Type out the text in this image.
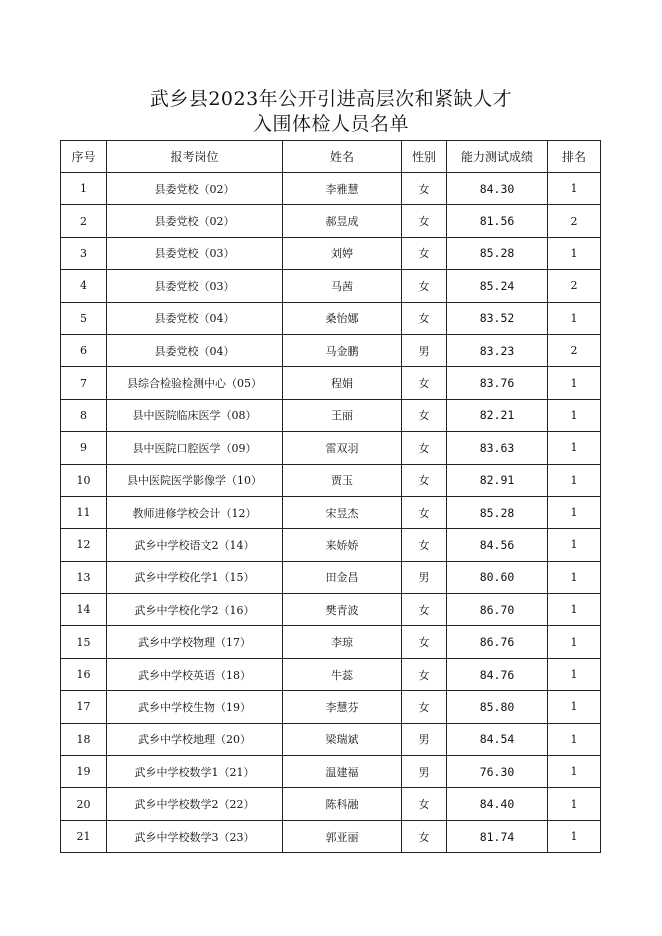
武乡县2023年公开引进高层次和紧缺人才
入围体检人员名单
序号	报考岗位	姓名	性别	能力测试成绩	排名
1	县委党校（02）	李雅慧	女	84.30	1
2	县委党校（02）	郝昱成	女	81.56	2
3	县委党校（03）	刘婷	女	85.28	1
4	县委党校（03）	马茜	女	85.24	2
5	县委党校（04）	桑怡娜	女	83.52	1
6	县委党校（04）	马金鹏	男	83.23	2
7	县综合检验检测中心（05）	程娟	女	83.76	1
8	县中医院临床医学（08）	王丽	女	82.21	1
9	县中医院口腔医学（09）	雷双羽	女	83.63	1
10	县中医院医学影像学（10）	贾玉	女	82.91	1
11	教师进修学校会计（12）	宋昱杰	女	85.28	1
12	武乡中学校语文2（14）	来娇娇	女	84.56	1
13	武乡中学校化学1（15）	田金昌	男	80.60	1
14	武乡中学校化学2（16）	樊青波	女	86.70	1
15	武乡中学校物理（17）	李琼	女	86.76	1
16	武乡中学校英语（18）	牛蕊	女	84.76	1
17	武乡中学校生物（19）	李慧芬	女	85.80	1
18	武乡中学校地理（20）	梁瑞斌	男	84.54	1
19	武乡中学校数学1（21）	温建福	男	76.30	1
20	武乡中学校数学2（22）	陈科融	女	84.40	1
21	武乡中学校数学3（23）	郭亚丽	女	81.74	1
